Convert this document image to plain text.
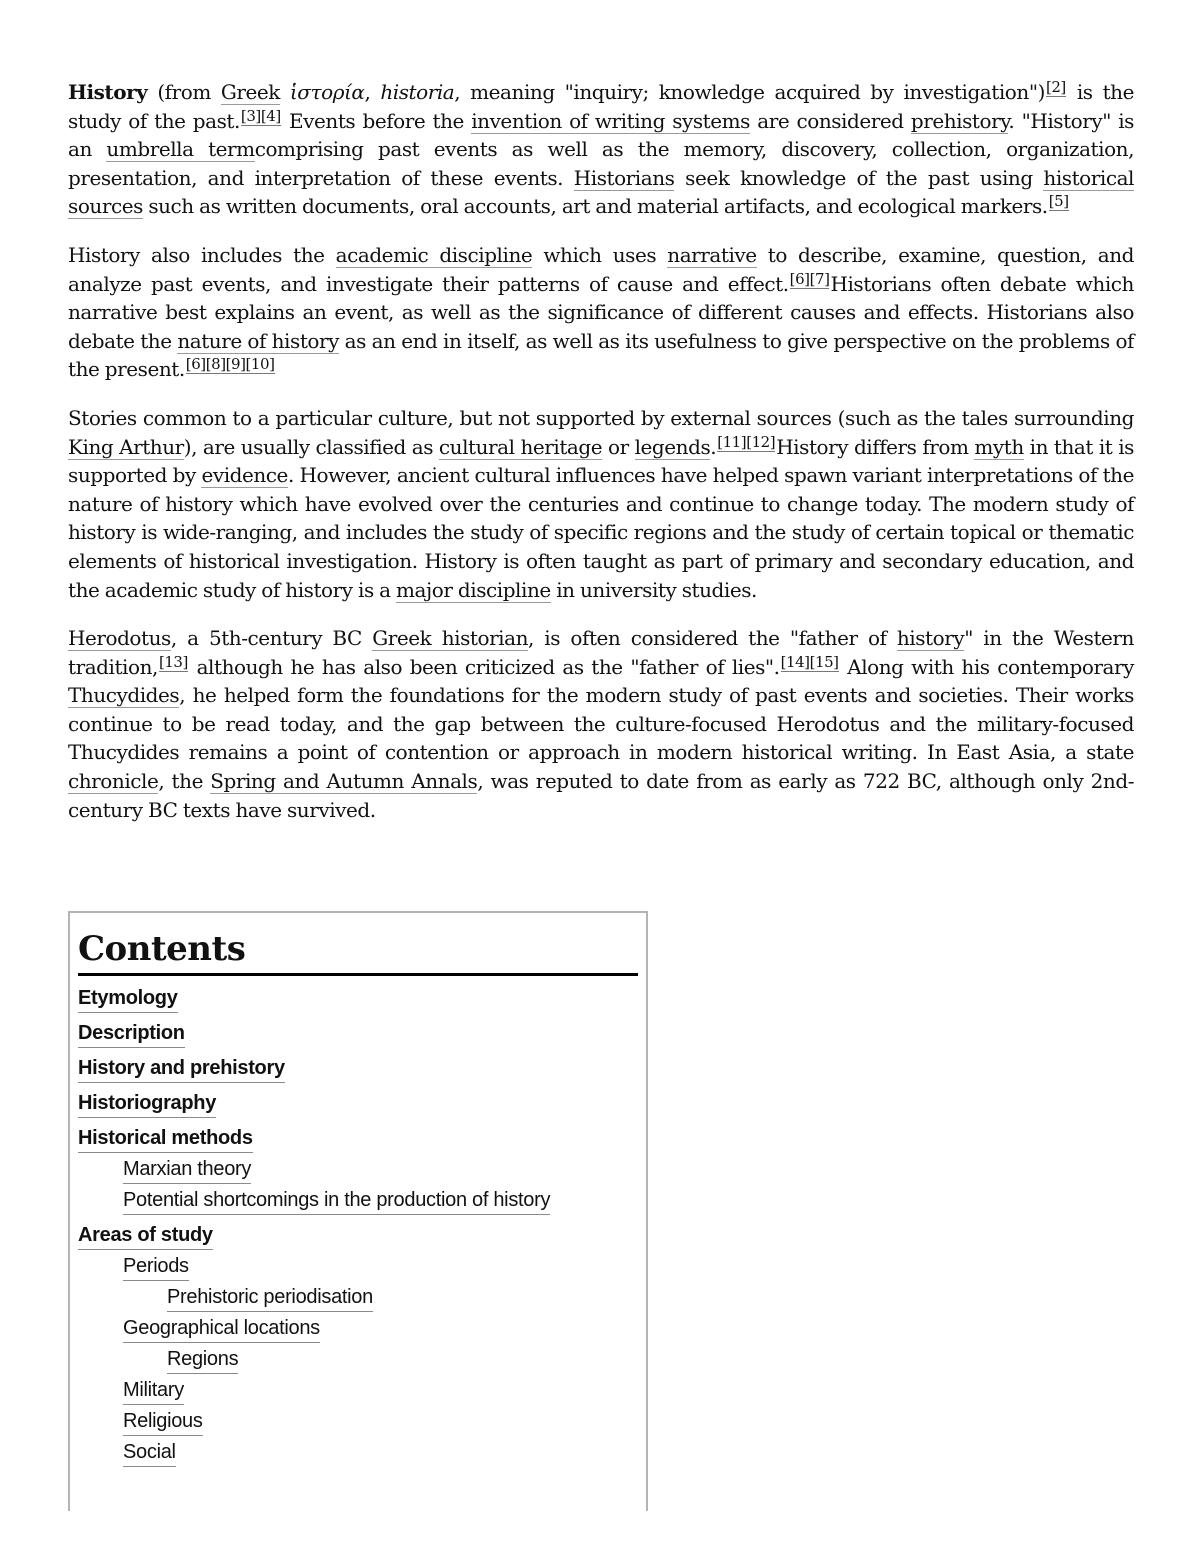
History (from Greek ἱστορία, historia, meaning "inquiry; knowledge acquired by investigation")[2] is the study of the past.[3][4] Events before the invention of writing systems are considered prehistory. "History" is an umbrella termcomprising past events as well as the memory, discovery, collection, organization, presentation, and interpretation of these events. Historians seek knowledge of the past using historical sources such as written documents, oral accounts, art and material artifacts, and ecological markers.[5]

History also includes the academic discipline which uses narrative to describe, examine, question, and analyze past events, and investigate their patterns of cause and effect.[6][7]Historians often debate which narrative best explains an event, as well as the significance of different causes and effects. Historians also debate the nature of history as an end in itself, as well as its usefulness to give perspective on the problems of the present.[6][8][9][10]

Stories common to a particular culture, but not supported by external sources (such as the tales surrounding King Arthur), are usually classified as cultural heritage or legends.[11][12]History differs from myth in that it is supported by evidence. However, ancient cultural influences have helped spawn variant interpretations of the nature of history which have evolved over the centuries and continue to change today. The modern study of history is wide-ranging, and includes the study of specific regions and the study of certain topical or thematic elements of historical investigation. History is often taught as part of primary and secondary education, and the academic study of history is a major discipline in university studies.

Herodotus, a 5th-century BC Greek historian, is often considered the "father of history" in the Western tradition,[13] although he has also been criticized as the "father of lies".[14][15] Along with his contemporary Thucydides, he helped form the foundations for the modern study of past events and societies. Their works continue to be read today, and the gap between the culture-focused Herodotus and the military-focused Thucydides remains a point of contention or approach in modern historical writing. In East Asia, a state chronicle, the Spring and Autumn Annals, was reputed to date from as early as 722 BC, although only 2nd-century BC texts have survived.

Contents
Etymology
Description
History and prehistory
Historiography
Historical methods
Marxian theory
Potential shortcomings in the production of history
Areas of study
Periods
Prehistoric periodisation
Geographical locations
Regions
Military
Religious
Social
